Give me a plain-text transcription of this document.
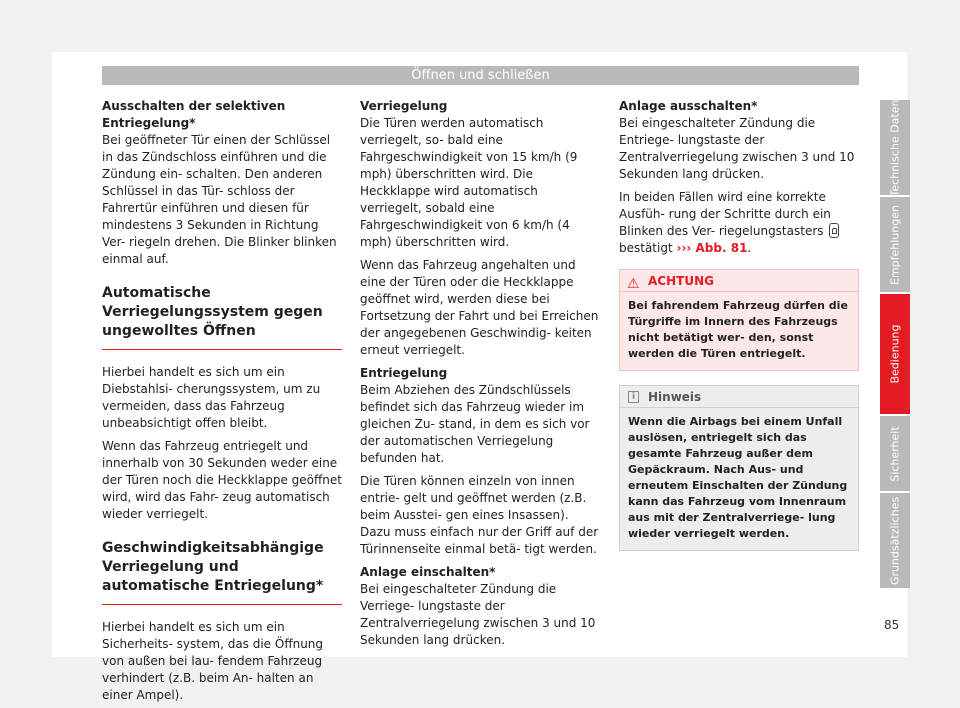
Öffnen und schließen

Ausschalten der selektiven Entriegelung*
Bei geöffneter Tür einen der Schlüssel in das Zündschloss einführen und die Zündung ein- schalten. Den anderen Schlüssel in das Tür- schloss der Fahrertür einführen und diesen für mindestens 3 Sekunden in Richtung Ver- riegeln drehen. Die Blinker blinken einmal auf.

Automatische Verriegelungssystem gegen ungewolltes Öffnen

Hierbei handelt es sich um ein Diebstahlsi- cherungssystem, um zu vermeiden, dass das Fahrzeug unbeabsichtigt offen bleibt.

Wenn das Fahrzeug entriegelt und innerhalb von 30 Sekunden weder eine der Türen noch die Heckklappe geöffnet wird, wird das Fahr- zeug automatisch wieder verriegelt.

Geschwindigkeitsabhängige Verriegelung und automatische Entriegelung*

Hierbei handelt es sich um ein Sicherheits- system, das die Öffnung von außen bei lau- fendem Fahrzeug verhindert (z.B. beim An- halten an einer Ampel).

Verriegelung
Die Türen werden automatisch verriegelt, so- bald eine Fahrgeschwindigkeit von 15 km/h (9 mph) überschritten wird. Die Heckklappe wird automatisch verriegelt, sobald eine Fahrgeschwindigkeit von 6 km/h (4 mph) überschritten wird.

Wenn das Fahrzeug angehalten und eine der Türen oder die Heckklappe geöffnet wird, werden diese bei Fortsetzung der Fahrt und bei Erreichen der angegebenen Geschwindig- keiten erneut verriegelt.

Entriegelung
Beim Abziehen des Zündschlüssels befindet sich das Fahrzeug wieder im gleichen Zu- stand, in dem es sich vor der automatischen Verriegelung befunden hat.

Die Türen können einzeln von innen entrie- gelt und geöffnet werden (z.B. beim Ausstei- gen eines Insassen). Dazu muss einfach nur der Griff auf der Türinnenseite einmal betä- tigt werden.

Anlage einschalten*
Bei eingeschalteter Zündung die Verriege- lungstaste der Zentralverriegelung zwischen 3 und 10 Sekunden lang drücken.

Anlage ausschalten*
Bei eingeschalteter Zündung die Entriege- lungstaste der Zentralverriegelung zwischen 3 und 10 Sekunden lang drücken.

In beiden Fällen wird eine korrekte Ausfüh- rung der Schritte durch ein Blinken des Ver- riegelungstasters  bestätigt ››› Abb. 81.

⚠ ACHTUNG
Bei fahrendem Fahrzeug dürfen die Türgriffe im Innern des Fahrzeugs nicht betätigt wer- den, sonst werden die Türen entriegelt.
i	Hinweis
Wenn die Airbags bei einem Unfall auslösen, entriegelt sich das gesamte Fahrzeug außer dem Gepäckraum. Nach Aus- und erneutem Einschalten der Zündung kann das Fahrzeug vom Innenraum aus mit der Zentralverriege- lung wieder verriegelt werden.
Technische Daten
Empfehlungen
Bedienung
Sicherheit
Grundsätzliches
85
